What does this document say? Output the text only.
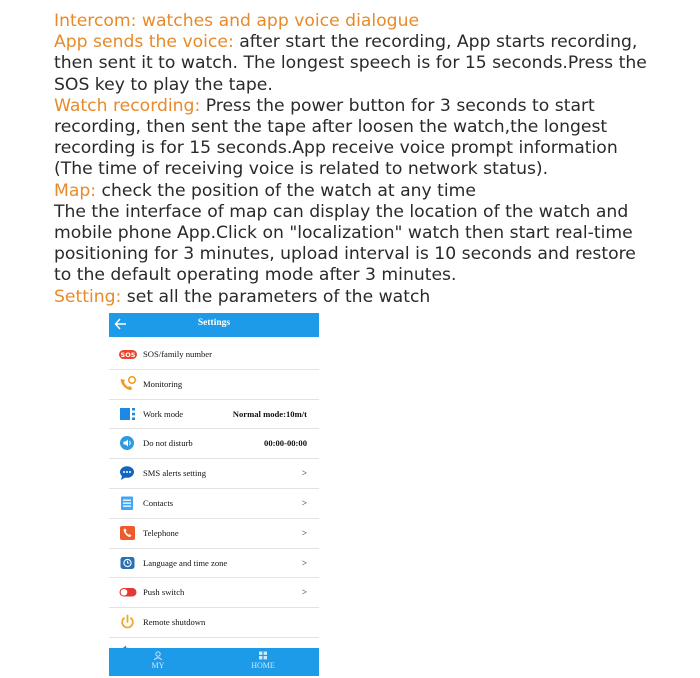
Intercom: watches and app voice dialogue

App sends the voice: after start the recording, App starts recording,

then sent it to watch. The longest speech is for 15 seconds.Press the

SOS key to play the tape.

Watch recording: Press the power button for 3 seconds to start

recording, then sent the tape after loosen the watch,the longest

recording is for 15 seconds.App receive voice prompt information

(The time of receiving voice is related to network status).

Map: check the position of the watch at any time

The the interface of map can display the location of the watch and

mobile phone App.Click on "localization" watch then start real-time

positioning for 3 minutes, upload interval is 10 seconds and restore

to the default operating mode after 3 minutes.

Setting: set all the parameters of the watch

Settings
SOS SOS/family number
Monitoring
Work mode	Normal mode:10m/t
Do not disturb	00:00-00:00
SMS alerts setting	>
Contacts	>
Telephone	>
Language and time zone	>
Push switch	>
Remote shutdown
MY	HOME
